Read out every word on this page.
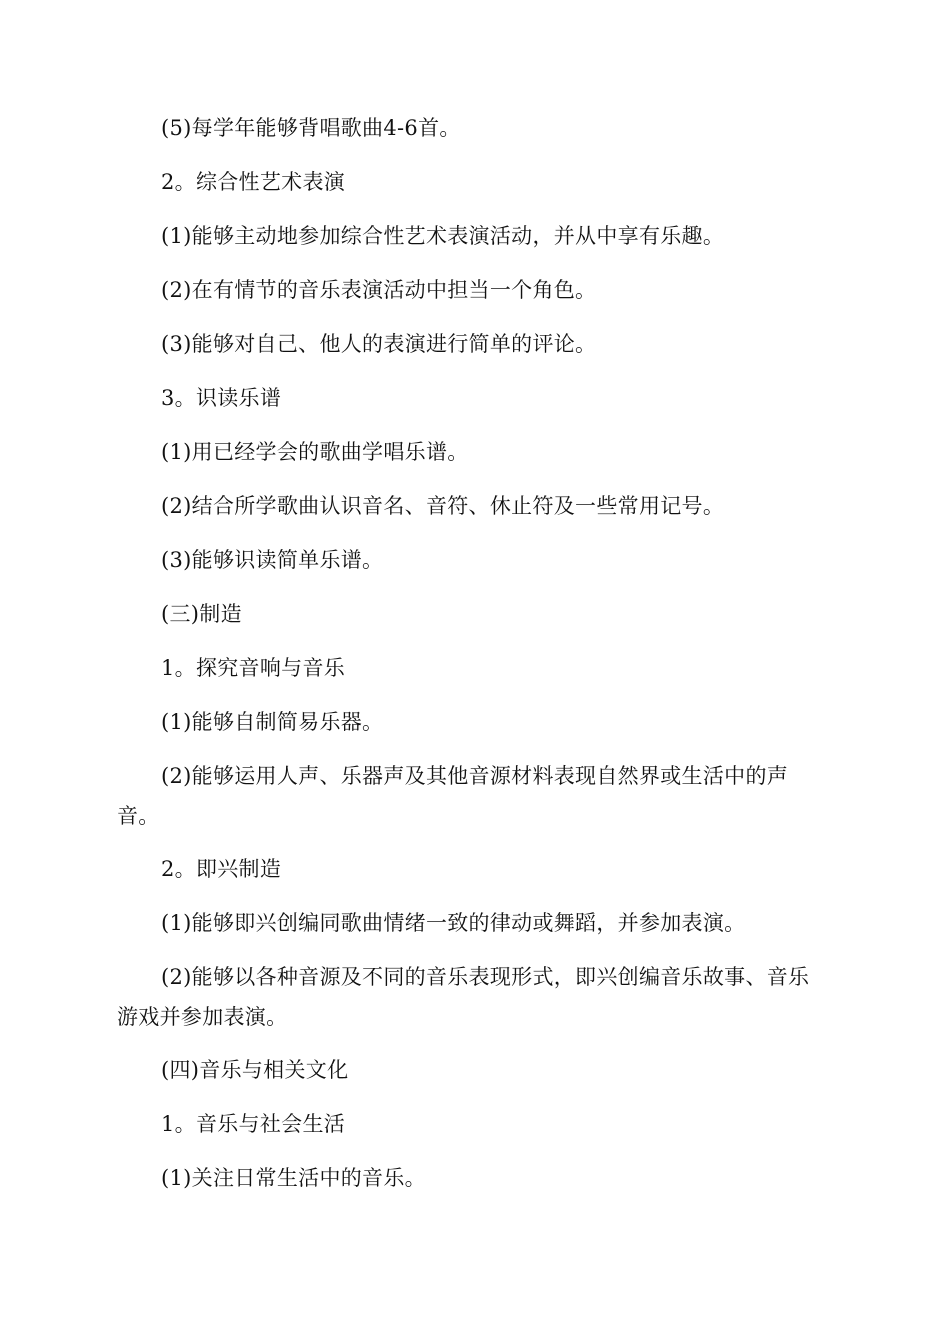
(5)每学年能够背唱歌曲4-6首。

2。综合性艺术表演

(1)能够主动地参加综合性艺术表演活动，并从中享有乐趣。

(2)在有情节的音乐表演活动中担当一个角色。

(3)能够对自己、他人的表演进行简单的评论。

3。识读乐谱

(1)用已经学会的歌曲学唱乐谱。

(2)结合所学歌曲认识音名、音符、休止符及一些常用记号。

(3)能够识读简单乐谱。

(三)制造

1。探究音响与音乐

(1)能够自制简易乐器。

(2)能够运用人声、乐器声及其他音源材料表现自然界或生活中的声音。

2。即兴制造

(1)能够即兴创编同歌曲情绪一致的律动或舞蹈，并参加表演。

(2)能够以各种音源及不同的音乐表现形式，即兴创编音乐故事、音乐游戏并参加表演。

(四)音乐与相关文化

1。音乐与社会生活

(1)关注日常生活中的音乐。
